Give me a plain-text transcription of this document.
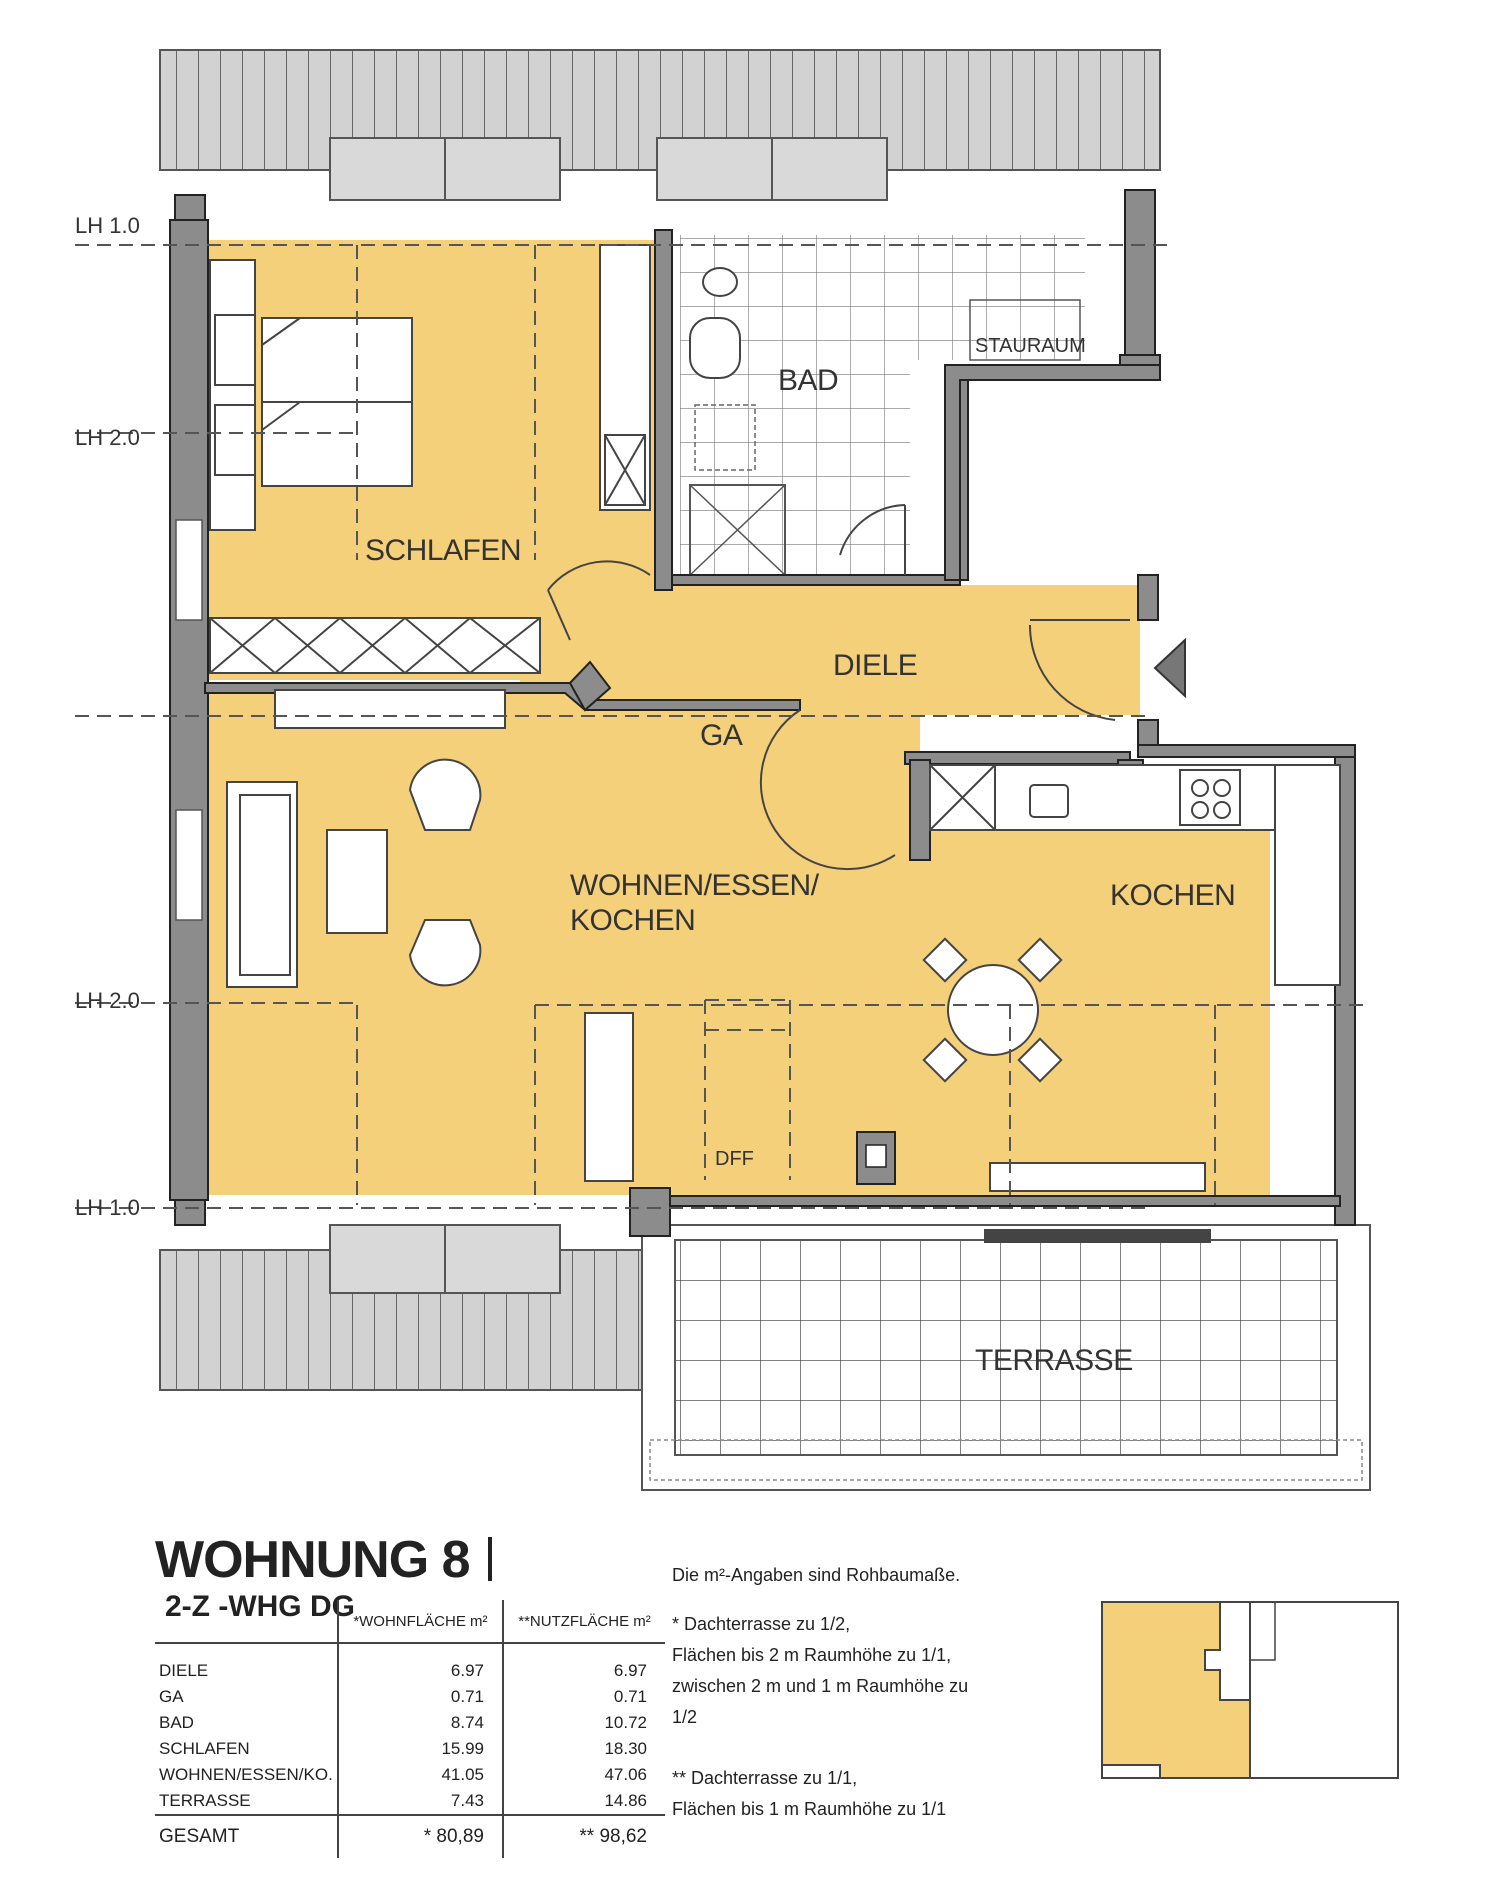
SCHLAFEN
BAD
STAURAUM
DIELE
GA
WOHNEN/ESSEN/
KOCHEN
KOCHEN
DFF
TERRASSE
LH 1.0
LH 2.0
LH 2.0
LH 1.0
WOHNUNG 8  2-Z -WHG DG
	*WOHNFLÄCHE m²	**NUTZFLÄCHE m²
DIELE	6.97	6.97
GA	0.71	0.71
BAD	8.74	10.72
SCHLAFEN	15.99	18.30
WOHNEN/ESSEN/KO.	41.05	47.06
TERRASSE	7.43	14.86
GESAMT	* 80,89	** 98,62

Die m²-Angaben sind Rohbaumaße.

* Dachterrasse zu 1/2,
Flächen bis 2 m Raumhöhe zu 1/1,
zwischen 2 m und 1 m Raumhöhe zu
1/2

** Dachterrasse zu 1/1,
Flächen bis 1 m Raumhöhe zu 1/1
